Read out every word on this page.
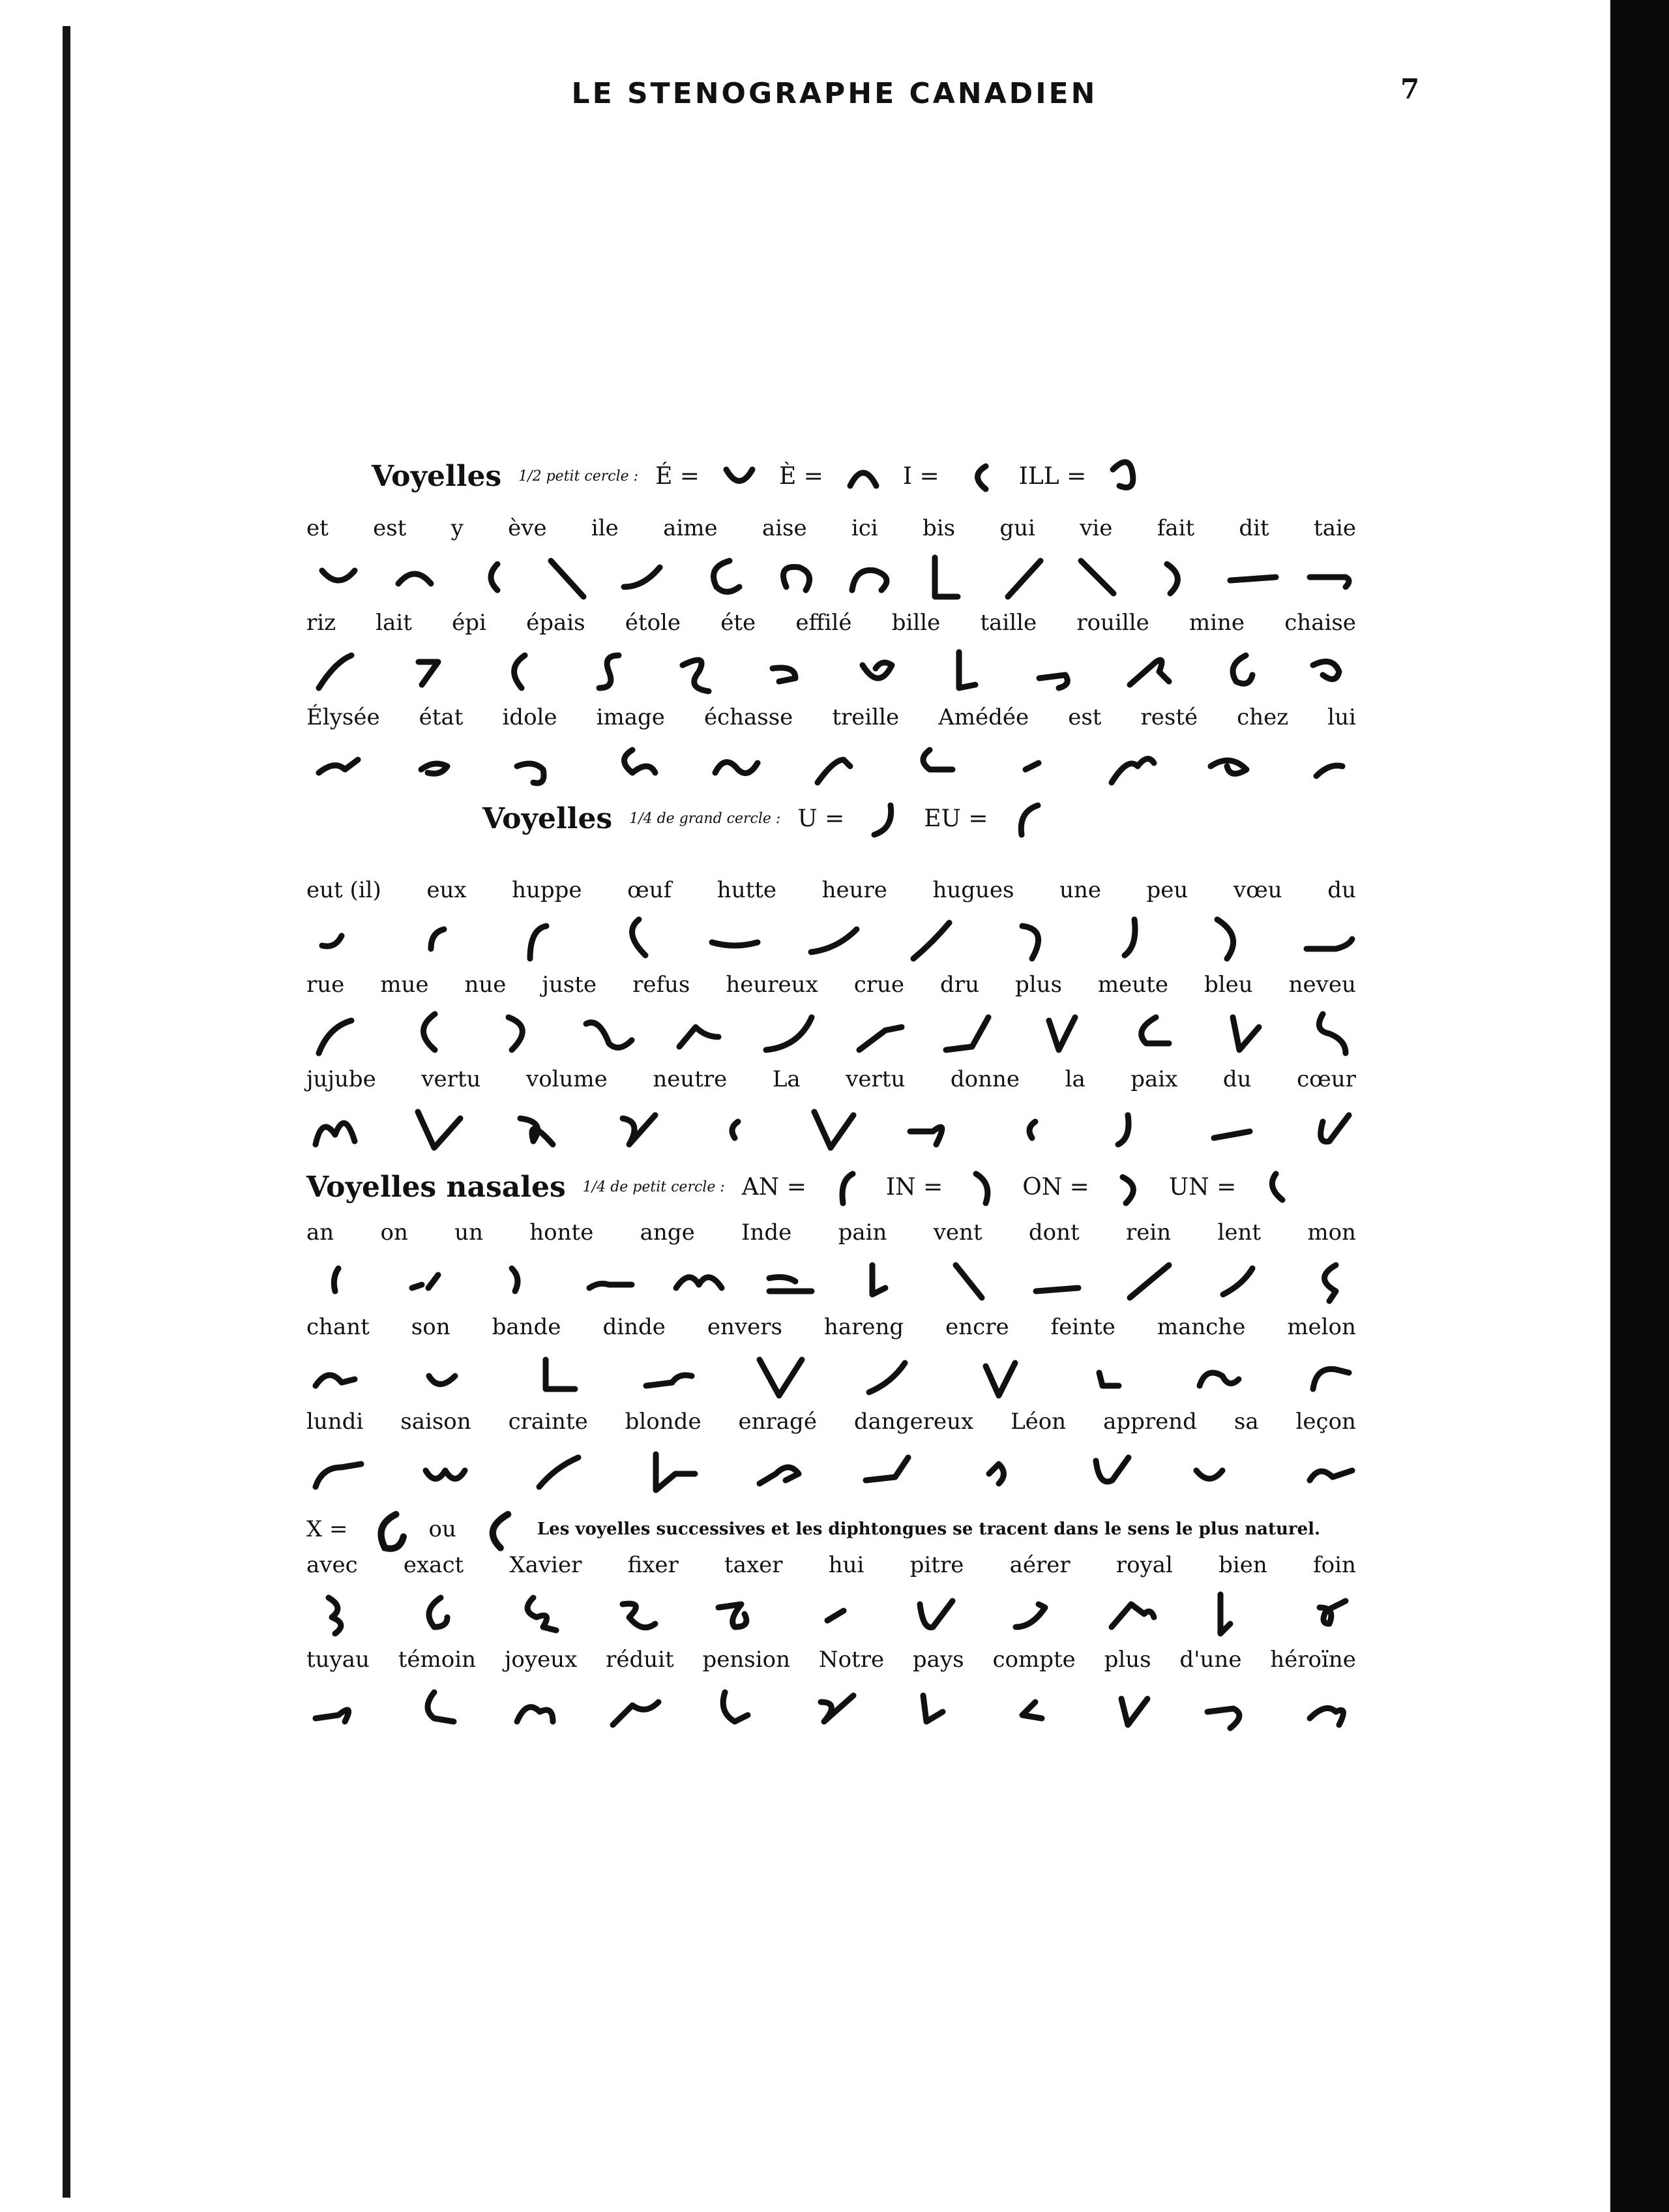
LE STENOGRAPHE CANADIEN	7
Voyelles 1/2 petit cercle : É =	È =	I =	ILL =
et est y ève ile aime aise ici bis gui vie fait dit taie
riz lait épi épais étole éte effilé bille taille rouille mine chaise
Élysée état idole image échasse treille Amédée est resté chez lui
Voyelles 1/4 de grand cercle : U =	EU =
eut (il) eux huppe œuf hutte heure hugues une peu vœu du
rue mue nue juste refus heureux crue dru plus meute bleu neveu
jujube vertu volume neutre La vertu donne la paix du cœur
Voyelles nasales 1/4 de petit cercle : AN =	IN =	ON =	UN =
an on un honte ange Inde pain vent dont rein lent mon
chant son bande dinde envers hareng encre feinte manche melon
lundi saison crainte blonde enragé dangereux Léon apprend sa leçon
X =	ou	Les voyelles successives et les diphtongues se tracent dans le sens le plus naturel.
avec exact Xavier fixer taxer hui pitre aérer royal bien foin
tuyau témoin joyeux réduit pension Notre pays compte plus d'une héroïne
